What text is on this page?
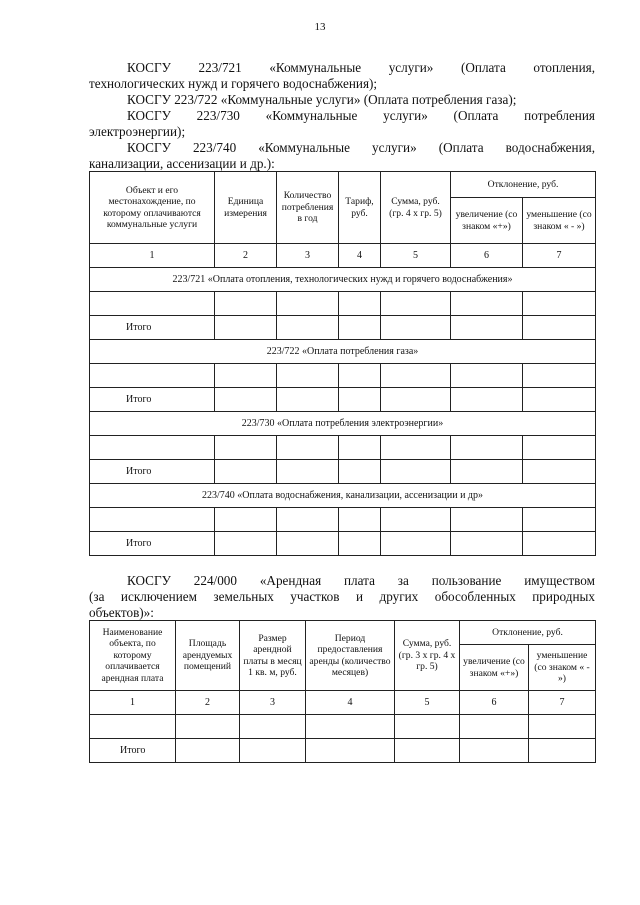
13
КОСГУ 223/721 «Коммунальные услуги» (Оплата отопления,
технологических нужд и горячего водоснабжения);
КОСГУ 223/722 «Коммунальные услуги» (Оплата потребления газа);
КОСГУ 223/730 «Коммунальные услуги» (Оплата потребления
электроэнергии);
КОСГУ 223/740 «Коммунальные услуги» (Оплата водоснабжения,
канализации, ассенизации и др.):
Объект и его местонахождение, по которому оплачиваются коммунальные услуги	Единица измерения	Количество потребления в год	Тариф, руб.	Сумма, руб. (гр. 4 х гр. 5)	Отклонение, руб.	
					увеличение (со знаком «+»)	уменьшение (со знаком « - »)
1	2	3	4	5	6	7
223/721 «Оплата отопления, технологических нужд и горячего водоснабжения»						

Итого						
223/722 «Оплата потребления газа»						

Итого						
223/730 «Оплата потребления электроэнергии»						

Итого						
223/740 «Оплата водоснабжения, канализации, ассенизации и др»						

Итого						
КОСГУ 224/000 «Арендная плата за пользование имуществом
(за исключением земельных участков и других обособленных природных
объектов)»:
Наименование объекта, по которому оплачивается арендная плата	Площадь арендуемых помещений	Размер арендной платы в месяц 1 кв. м, руб.	Период предоставления аренды (количество месяцев)	Сумма, руб. (гр. 3 х гр. 4 х гр. 5)	Отклонение, руб.	
					увеличение (со знаком «+»)	уменьшение (со знаком « - »)
1	2	3	4	5	6	7

Итого						
